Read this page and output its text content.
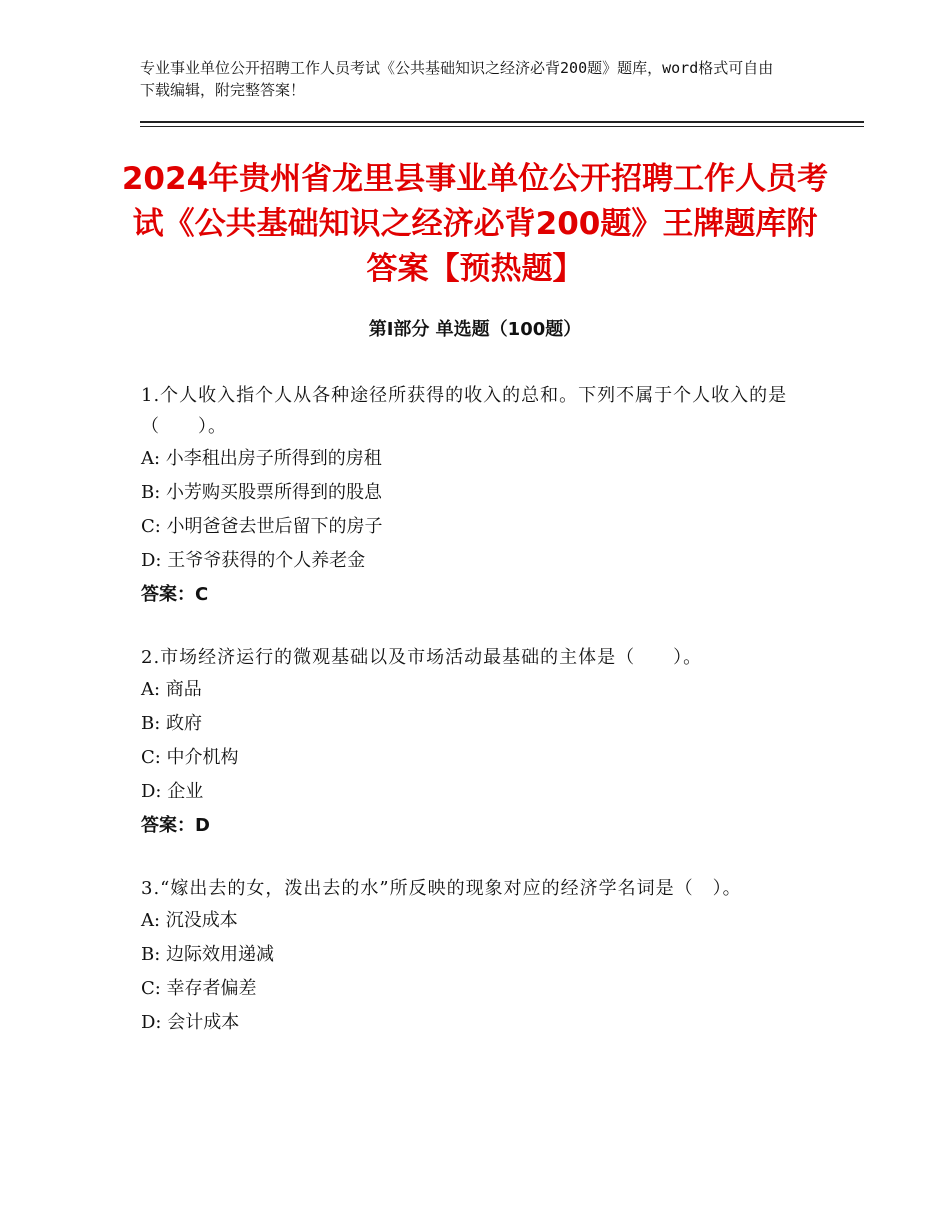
专业事业单位公开招聘工作人员考试《公共基础知识之经济必背200题》题库，word格式可自由下载编辑，附完整答案！
2024年贵州省龙里县事业单位公开招聘工作人员考试《公共基础知识之经济必背200题》王牌题库附答案【预热题】
第Ⅰ部分 单选题（100题）
1.个人收入指个人从各种途径所获得的收入的总和。下列不属于个人收入的是（　　）。
A: 小李租出房子所得到的房租
B: 小芳购买股票所得到的股息
C: 小明爸爸去世后留下的房子
D: 王爷爷获得的个人养老金
答案：C
2.市场经济运行的微观基础以及市场活动最基础的主体是（　　）。
A: 商品
B: 政府
C: 中介机构
D: 企业
答案：D
3.“嫁出去的女，泼出去的水”所反映的现象对应的经济学名词是（　）。
A: 沉没成本
B: 边际效用递减
C: 幸存者偏差
D: 会计成本
